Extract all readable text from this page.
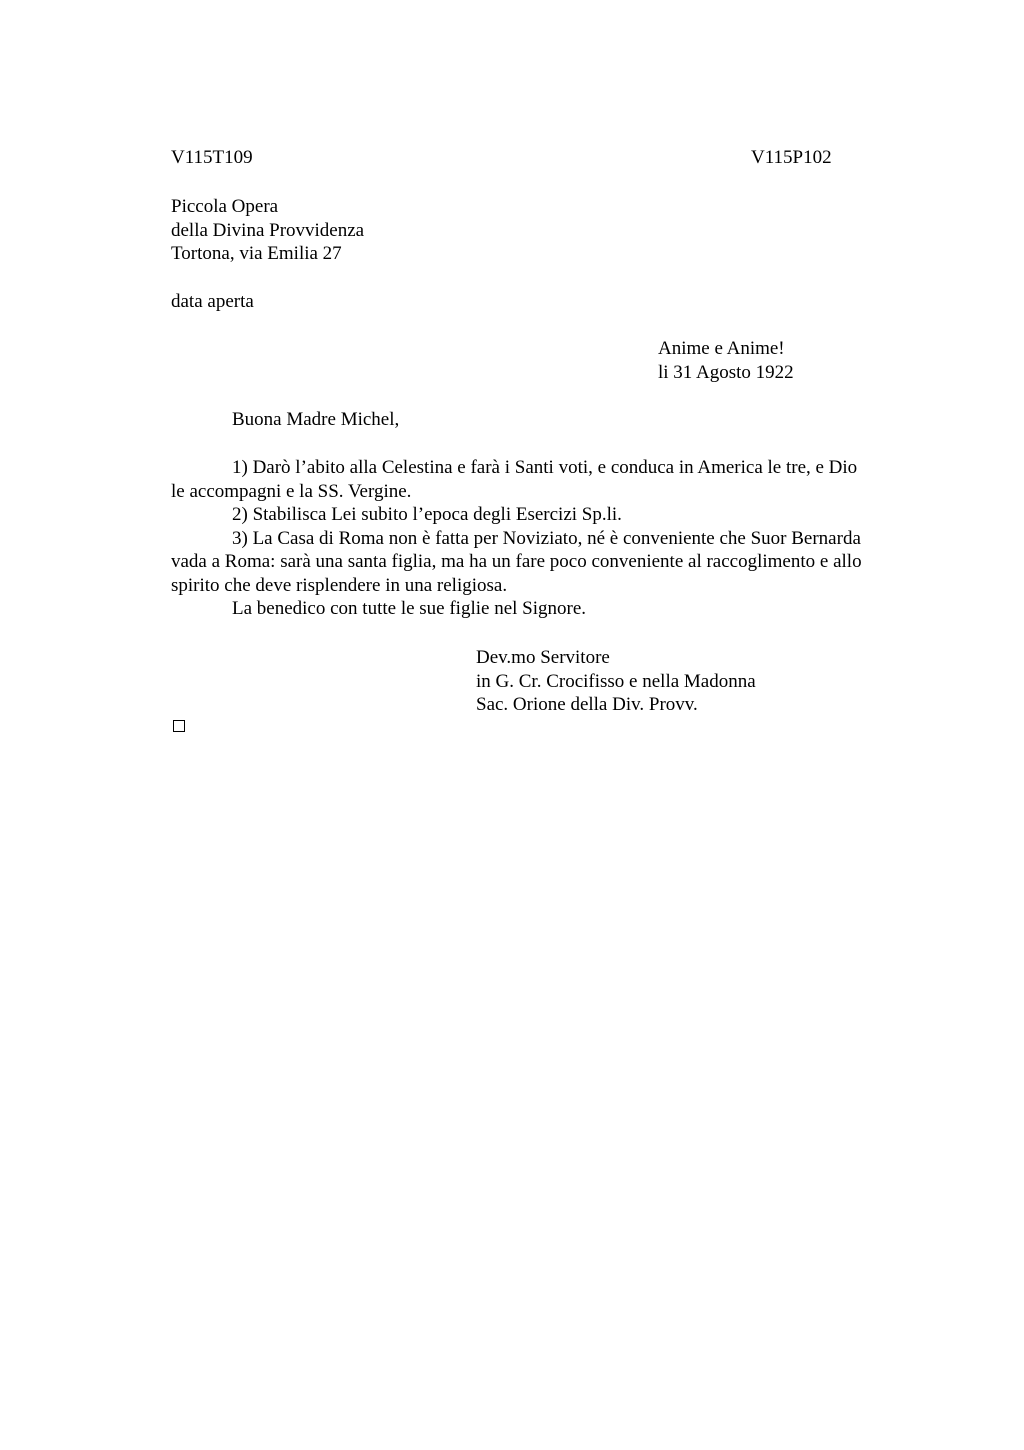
V115T109	V115P102
Piccola Opera
della Divina Provvidenza
Tortona, via Emilia 27
data aperta
Anime e Anime!
li 31 Agosto 1922
Buona Madre Michel,
1) Darò l’abito alla Celestina e farà i Santi voti, e conduca in America le tre, e Dio
le accompagni e la SS. Vergine.
2) Stabilisca Lei subito l’epoca degli Esercizi Sp.li.
3) La Casa di Roma non è fatta per Noviziato, né è conveniente che Suor Bernarda
vada a Roma: sarà una santa figlia, ma ha un fare poco conveniente al raccoglimento e allo
spirito che deve risplendere in una religiosa.
La benedico con tutte le sue figlie nel Signore.
Dev.mo Servitore
in G. Cr. Crocifisso e nella Madonna
Sac. Orione della Div. Provv.
